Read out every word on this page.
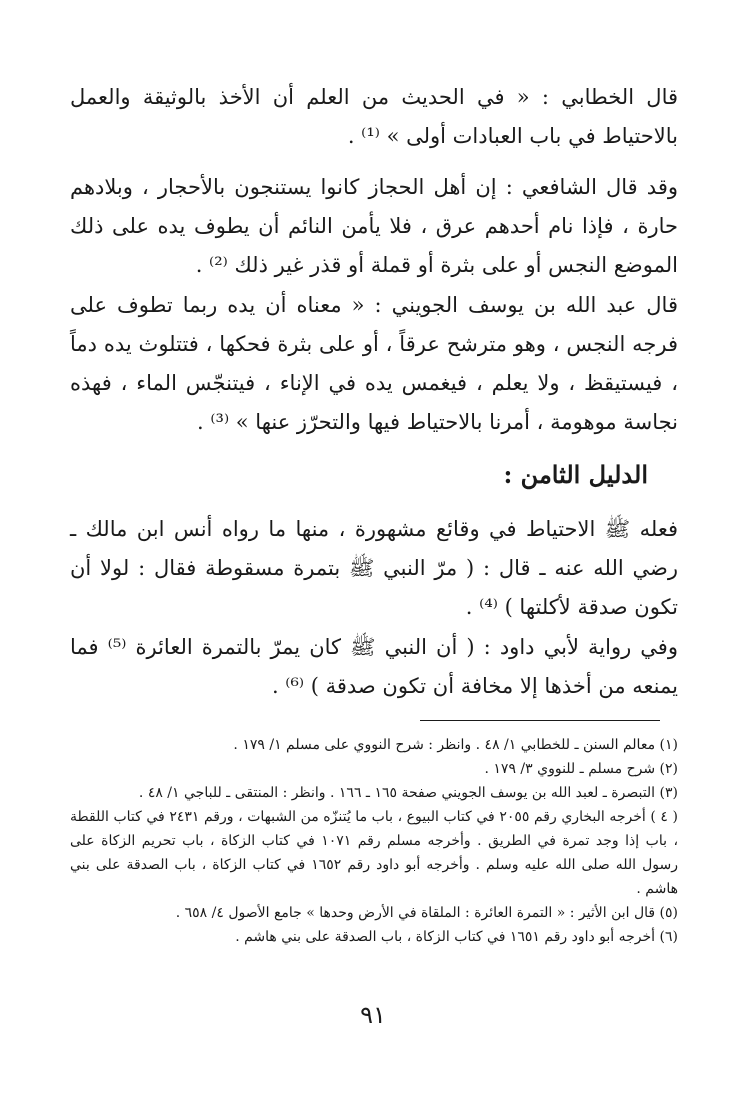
قال الخطابي : « في الحديث من العلم أن الأخذ بالوثيقة والعمل بالاحتياط في باب العبادات أولى » ⁽¹⁾ .

وقد قال الشافعي : إن أهل الحجاز كانوا يستنجون بالأحجار ، وبلادهم حارة ، فإذا نام أحدهم عرق ، فلا يأمن النائم أن يطوف يده على ذلك الموضع النجس أو على بثرة أو قملة أو قذر غير ذلك ⁽²⁾ .

قال عبد الله بن يوسف الجويني : « معناه أن يده ربما تطوف على فرجه النجس ، وهو مترشح عرقاً ، أو على بثرة فحكها ، فتتلوث يده دماً ، فيستيقظ ، ولا يعلم ، فيغمس يده في الإناء ، فيتنجّس الماء ، فهذه نجاسة موهومة ، أمرنا بالاحتياط فيها والتحرّز عنها » ⁽³⁾ .

الدليل الثامن :

فعله ﷺ الاحتياط في وقائع مشهورة ، منها ما رواه أنس ابن مالك ـ رضي الله عنه ـ قال : ( مرّ النبي ﷺ بتمرة مسقوطة فقال : لولا أن تكون صدقة لأكلتها ) ⁽⁴⁾ .

وفي رواية لأبي داود : ( أن النبي ﷺ كان يمرّ بالتمرة العائرة ⁽⁵⁾ فما يمنعه من أخذها إلا مخافة أن تكون صدقة ) ⁽⁶⁾ .

(١) معالم السنن ـ للخطابي ١/ ٤٨ . وانظر : شرح النووي على مسلم ١/ ١٧٩ .

(٢) شرح مسلم ـ للنووي ٣/ ١٧٩ .

(٣) التبصرة ـ لعبد الله بن يوسف الجويني صفحة ١٦٥ ـ ١٦٦ . وانظر : المنتقى ـ للباجي ١/ ٤٨ .

( ٤ ) أخرجه البخاري رقم ٢٠٥٥ في كتاب البيوع ، باب ما يُتنزّه من الشبهات ، ورقم ٢٤٣١ في كتاب اللقطة ، باب إذا وجد تمرة في الطريق . وأخرجه مسلم رقم ١٠٧١ في كتاب الزكاة ، باب تحريم الزكاة على رسول الله صلى الله عليه وسلم . وأخرجه أبو داود رقم ١٦٥٢ في كتاب الزكاة ، باب الصدقة على بني هاشم .

(٥) قال ابن الأثير : « التمرة العائرة : الملقاة في الأرض وحدها » جامع الأصول ٤/ ٦٥٨ .

(٦) أخرجه أبو داود رقم ١٦٥١ في كتاب الزكاة ، باب الصدقة على بني هاشم .

٩١
